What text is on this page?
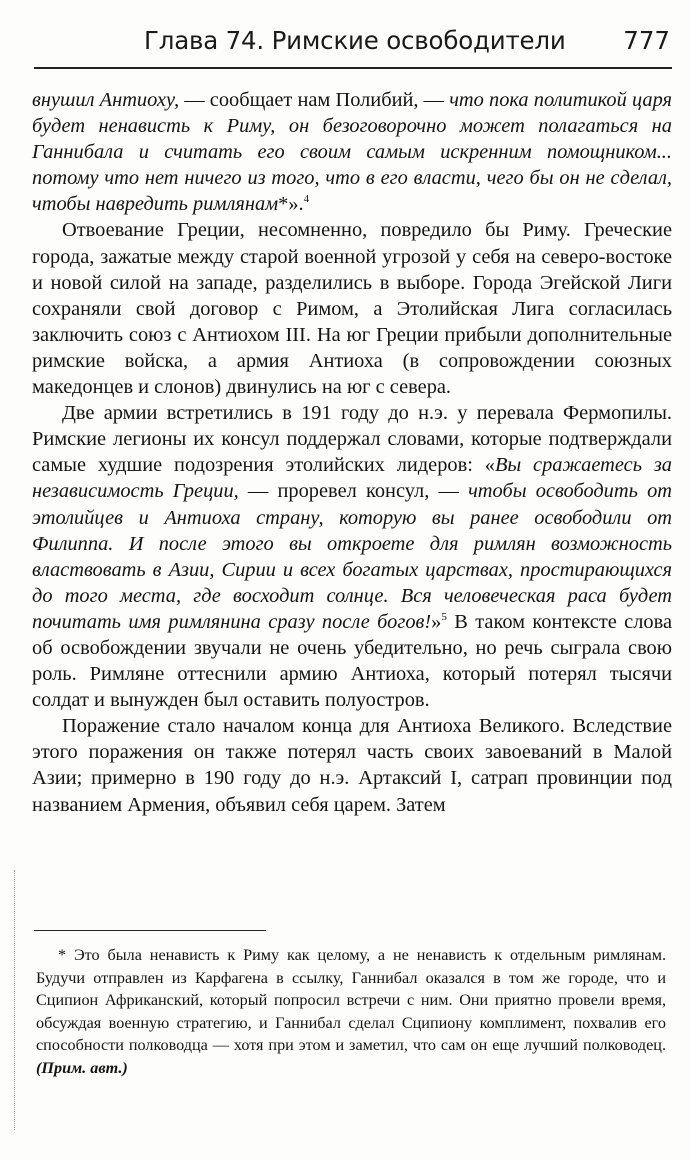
Глава 74. Римские освободители 777

внушил Антиоху, — сообщает нам Полибий, — что пока политикой царя будет ненависть к Риму, он безоговорочно может полагаться на Ганнибала и считать его своим самым искренним помощником... потому что нет ничего из того, что в его власти, чего бы он не сделал, чтобы навредить римлянам*».$^4$

Отвоевание Греции, несомненно, повредило бы Риму. Греческие города, зажатые между старой военной угрозой у себя на северо-востоке и новой силой на западе, разделились в выборе. Города Эгейской Лиги сохраняли свой договор с Римом, а Этолийская Лига согласилась заключить союз с Антиохом III. На юг Греции прибыли дополнительные римские войска, а армия Антиоха (в сопровождении союзных македонцев и слонов) двинулись на юг с севера.

Две армии встретились в 191 году до н.э. у перевала Фермопилы. Римские легионы их консул поддержал словами, которые подтверждали самые худшие подозрения этолийских лидеров: «Вы сражаетесь за независимость Греции, — проревел консул, — чтобы освободить от этолийцев и Антиоха страну, которую вы ранее освободили от Филиппа. И после этого вы откроете для римлян возможность властвовать в Азии, Сирии и всех богатых царствах, простирающихся до того места, где восходит солнце. Вся человеческая раса будет почитать имя римлянина сразу после богов!»$^5$ В таком контексте слова об освобождении звучали не очень убедительно, но речь сыграла свою роль. Римляне оттеснили армию Антиоха, который потерял тысячи солдат и вынужден был оставить полуостров.

Поражение стало началом конца для Антиоха Великого. Вследствие этого поражения он также потерял часть своих завоеваний в Малой Азии; примерно в 190 году до н.э. Артаксий I, сатрап провинции под названием Армения, объявил себя царем. Затем

* Это была ненависть к Риму как целому, а не ненависть к отдельным римлянам. Будучи отправлен из Карфагена в ссылку, Ганнибал оказался в том же городе, что и Сципион Африканский, который попросил встречи с ним. Они приятно провели время, обсуждая военную стратегию, и Ганнибал сделал Сципиону комплимент, похвалив его способности полководца — хотя при этом и заметил, что сам он еще лучший полководец. (Прим. авт.)
